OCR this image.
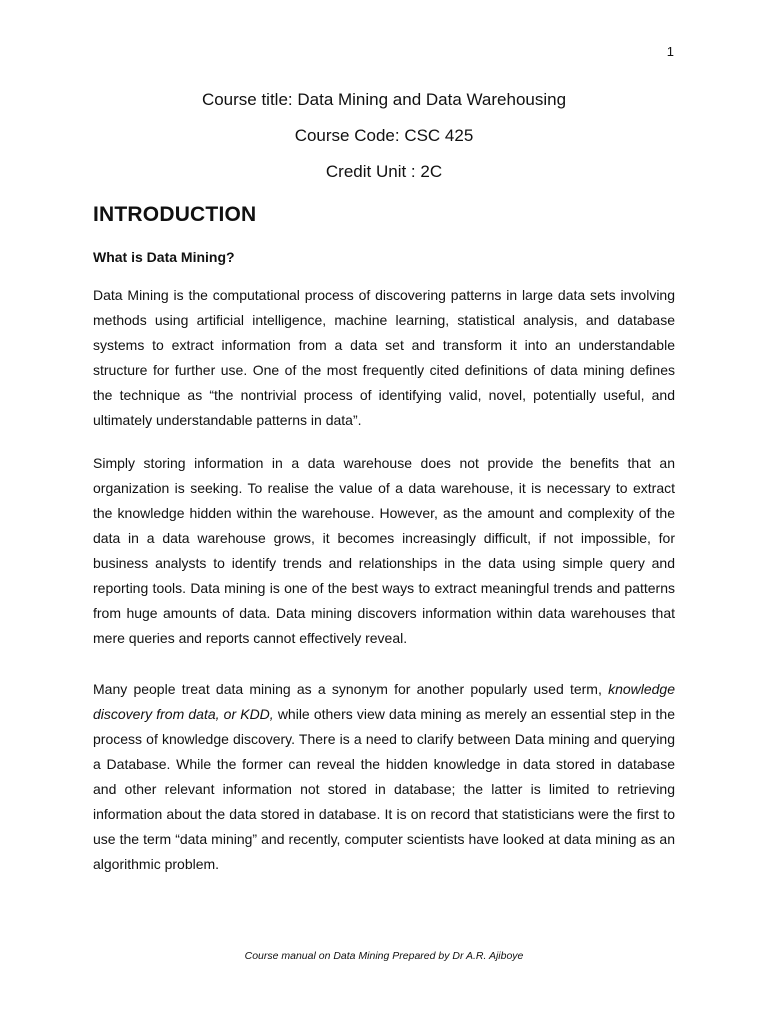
1
Course title: Data Mining and Data Warehousing
Course Code: CSC 425
Credit Unit : 2C
INTRODUCTION
What is Data Mining?

Data Mining is the computational process of discovering patterns in large data sets involving methods using artificial intelligence, machine learning, statistical analysis, and database systems to extract information from a data set and transform it into an understandable structure for further use. One of the most frequently cited definitions of data mining defines the technique as “the nontrivial process of identifying valid, novel, potentially useful, and ultimately understandable patterns in data”.

Simply storing information in a data warehouse does not provide the benefits that an organization is seeking. To realise the value of a data warehouse, it is necessary to extract the knowledge hidden within the warehouse. However, as the amount and complexity of the data in a data warehouse grows, it becomes increasingly difficult, if not impossible, for business analysts to identify trends and relationships in the data using simple query and reporting tools. Data mining is one of the best ways to extract meaningful trends and patterns from huge amounts of data. Data mining discovers information within data warehouses that mere queries and reports cannot effectively reveal.

Many people treat data mining as a synonym for another popularly used term, knowledge discovery from data, or KDD, while others view data mining as merely an essential step in the process of knowledge discovery. There is a need to clarify between Data mining and querying a Database. While the former can reveal the hidden knowledge in data stored in database and other relevant information not stored in database; the latter is limited to retrieving information about the data stored in database. It is on record that statisticians were the first to use the term “data mining” and recently, computer scientists have looked at data mining as an algorithmic problem.

Course manual on Data Mining Prepared by Dr A.R. Ajiboye
